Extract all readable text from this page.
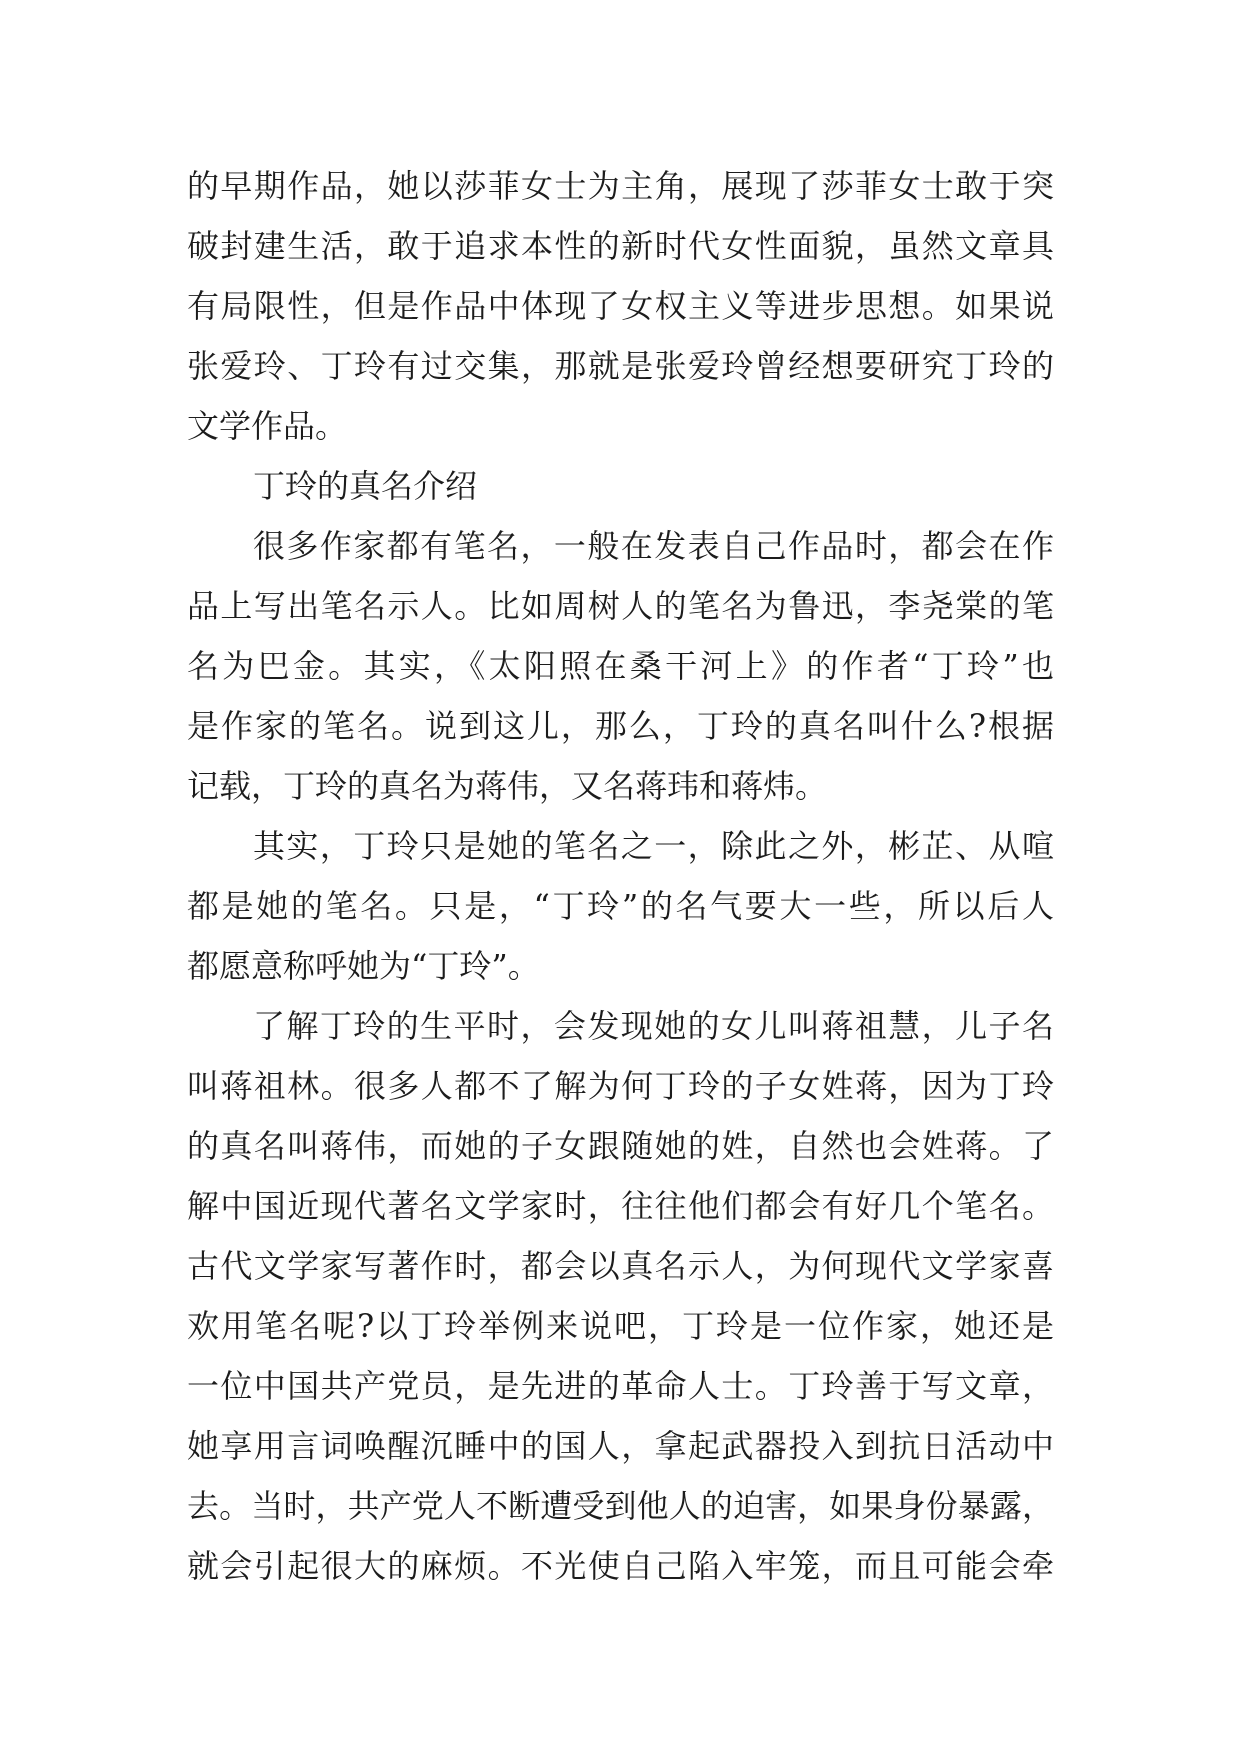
的早期作品，她以莎菲女士为主角，展现了莎菲女士敢于突
破封建生活，敢于追求本性的新时代女性面貌，虽然文章具
有局限性，但是作品中体现了女权主义等进步思想。如果说
张爱玲、丁玲有过交集，那就是张爱玲曾经想要研究丁玲的
文学作品。
丁玲的真名介绍
很多作家都有笔名，一般在发表自己作品时，都会在作
品上写出笔名示人。比如周树人的笔名为鲁迅，李尧棠的笔
名为巴金。其实，《太阳照在桑干河上》的作者“丁玲”也
是作家的笔名。说到这儿，那么，丁玲的真名叫什么?根据
记载，丁玲的真名为蒋伟，又名蒋玮和蒋炜。
其实，丁玲只是她的笔名之一，除此之外，彬芷、从喧
都是她的笔名。只是，“丁玲”的名气要大一些，所以后人
都愿意称呼她为“丁玲”。
了解丁玲的生平时，会发现她的女儿叫蒋祖慧，儿子名
叫蒋祖林。很多人都不了解为何丁玲的子女姓蒋，因为丁玲
的真名叫蒋伟，而她的子女跟随她的姓，自然也会姓蒋。了
解中国近现代著名文学家时，往往他们都会有好几个笔名。
古代文学家写著作时，都会以真名示人，为何现代文学家喜
欢用笔名呢?以丁玲举例来说吧，丁玲是一位作家，她还是
一位中国共产党员，是先进的革命人士。丁玲善于写文章，
她享用言词唤醒沉睡中的国人，拿起武器投入到抗日活动中
去。当时，共产党人不断遭受到他人的迫害，如果身份暴露，
就会引起很大的麻烦。不光使自己陷入牢笼，而且可能会牵
